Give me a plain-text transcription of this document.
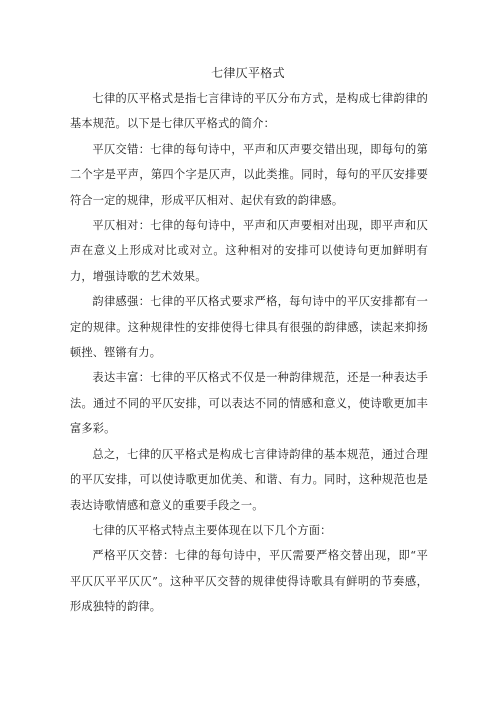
七律仄平格式

七律的仄平格式是指七言律诗的平仄分布方式，是构成七律韵律的基本规范。以下是七律仄平格式的简介：

平仄交错：七律的每句诗中，平声和仄声要交错出现，即每句的第二个字是平声，第四个字是仄声，以此类推。同时，每句的平仄安排要符合一定的规律，形成平仄相对、起伏有致的韵律感。

平仄相对：七律的每句诗中，平声和仄声要相对出现，即平声和仄声在意义上形成对比或对立。这种相对的安排可以使诗句更加鲜明有力，增强诗歌的艺术效果。

韵律感强：七律的平仄格式要求严格，每句诗中的平仄安排都有一定的规律。这种规律性的安排使得七律具有很强的韵律感，读起来抑扬顿挫、铿锵有力。

表达丰富：七律的平仄格式不仅是一种韵律规范，还是一种表达手法。通过不同的平仄安排，可以表达不同的情感和意义，使诗歌更加丰富多彩。

总之，七律的仄平格式是构成七言律诗韵律的基本规范，通过合理的平仄安排，可以使诗歌更加优美、和谐、有力。同时，这种规范也是表达诗歌情感和意义的重要手段之一。

七律的仄平格式特点主要体现在以下几个方面：

严格平仄交替：七律的每句诗中，平仄需要严格交替出现，即“平平仄仄平平仄仄”。这种平仄交替的规律使得诗歌具有鲜明的节奏感，形成独特的韵律。
